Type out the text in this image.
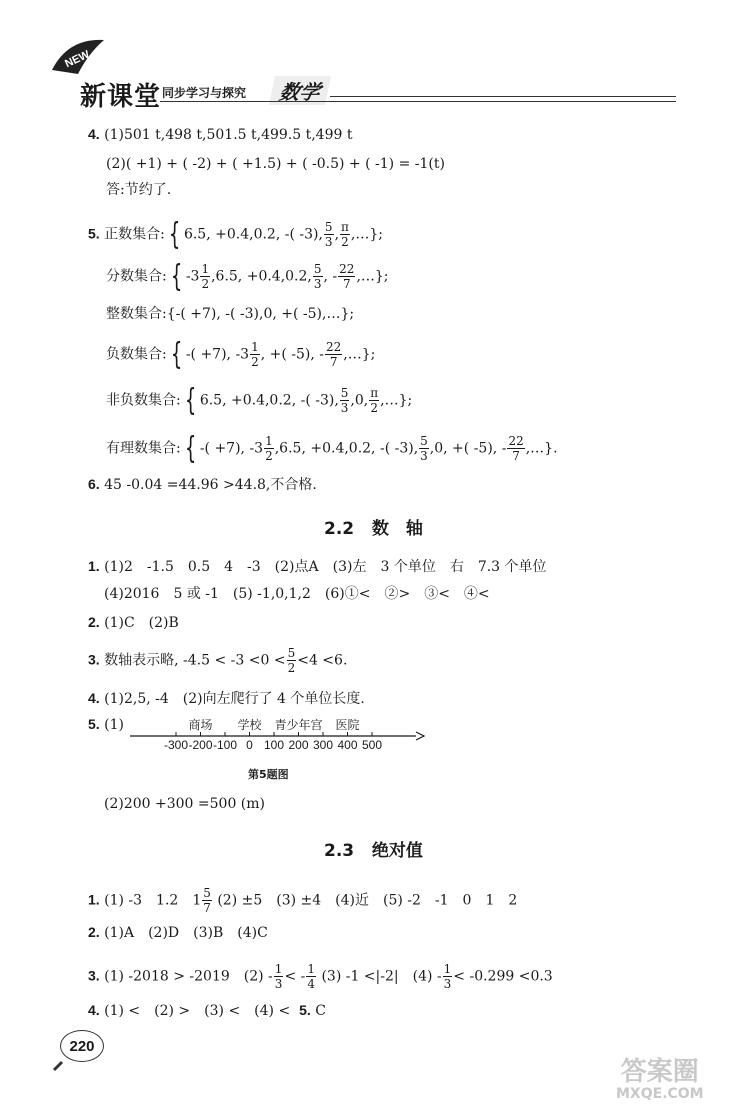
NEW
新课堂 同步学习与探究	数学
4. (1)501 t,498 t,501.5 t,499.5 t,499 t
(2)( +1) + ( -2) + ( +1.5) + ( -0.5) + ( -1) = -1(t)
答:节约了.
5. 正数集合: { 6.5, +0.4,0.2, -( -3), $\frac{5}{3}$ , $\frac{\pi}{2}$ ,…};
分数集合: { $-3 \frac{1}{2} ,6.5$, +0.4,0.2, $\frac{5}{3}$ , - $\frac{22}{7}$ ,…};
整数集合:{-( +7), -( -3),0, +( -5),…};
负数集合: { -( +7), $-3 \frac{1}{2}$ , +( -5), - $\frac{22}{7}$ ,…};
非负数集合: { 6.5, +0.4,0.2, -( -3), $\frac{5}{3} ,0$, $\frac{\pi}{2}$ ,…};
有理数集合: { -( +7), $-3 \frac{1}{2} ,6.5$, +0.4,0.2, -( -3), $\frac{5}{3} ,0$, +( -5), - $\frac{22}{7}$ ,…}.
6. 45 -0.04 =44.96 >44.8,不合格.
2.2 数　轴
1. (1)2　-1.5　0.5　4　-3　(2)点A　(3)左　3 个单位　右　7.3 个单位
(4)2016　5 或 -1　(5) -1,0,1,2　(6)①<　②>　③<　④<
2. (1)C　(2)B
3. 数轴表示略, $-4.5 < -3 <0 < \frac{5}{2} <4 <6$.
4. (1)2,5, -4　(2)向左爬行了 4 个单位长度.
5. (1)
-300 -200 -100 0 100 200 300 400 500
商场 学校 青少年宫 医院
第5题图
(2)200 +300 =500 (m)
2.3 绝对值
1. (1) -3　1.2　$1 \frac{5}{7} (2) \pm 5$　(3) ±4　(4)近　(5) -2　-1　0　1　2
2. (1)A　(2)D　(3)B　(4)C
3. (1) -2018 > -2019　$(2) - \frac{1}{3}$ < - $\frac{1}{4} (3)$ -1 <|-2|　$(4) - \frac{1}{3} < -0.299 <0.3$
4. (1) <　(2) >　(3) <　(4) < 5. C
220
答案圈
MXQE.COM
